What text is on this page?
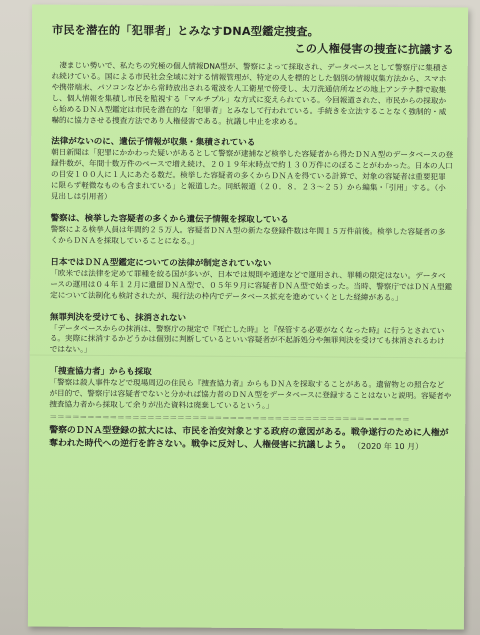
市民を潜在的「犯罪者」とみなすDNA型鑑定捜査。

この人権侵害の捜査に抗議する

凄まじい勢いで、私たちの究極の個人情報DNA型が、警察によって採取され、データベースとして警察庁に集積され続けている。国による市民社会全域に対する情報管理が、特定の人を標的とした個別の情報収集方法から、スマホや携帯端末、パソコンなどから常時放出される電波を人工衛星で傍受し、太刀洗通信所などの地上アンテナ群で取集し、個人情報を集積し市民を監視する「マルチプル」な方式に変えられている。今回報道された、市民からの採取から始めるＤＮＡ型鑑定は市民を潜在的な「犯罪者」とみなして行われている。手続きを立法することなく強制的・威嚇的に協力させる捜査方法であり人権侵害である。抗議し中止を求める。

法律がないのに、遺伝子情報が収集・集積されている

朝日新聞は「犯罪にかかわった疑いがあるとして警察が逮捕など検挙した容疑者から得たＤＮＡ型のデータベースの登録件数が、年間十数万件のペースで増え続け、２０１９年末時点で約１３０万件にのぼることがわかった。日本の人口の目安１００人に１人にあたる数だ。検挙した容疑者の多くからＤＮＡを得ている計算で、対象の容疑者は重要犯罪に限らず軽微なものも含まれている」と報道した。同紙報道（２０．８．２３～２５）から編集・「引用」する。（小見出しは引用者）

警察は、検挙した容疑者の多くから遺伝子情報を採取している

警察による検挙人員は年間約２５万人。容疑者ＤＮＡ型の新たな登録件数は年間１５万件前後。検挙した容疑者の多くからＤＮＡを採取していることになる。」

日本ではＤＮＡ型鑑定についての法律が制定されていない

「欧米では法律を定めて罪種を絞る国が多いが、日本では規則や通達などで運用され、罪種の限定はない。データベースの運用は０４年１２月に遺留ＤＮＡ型で、０５年９月に容疑者ＤＮＡ型で始まった。当時、警察庁ではＤＮＡ型鑑定について法制化も検討されたが、現行法の枠内でデータベース拡充を進めていくとした経緯がある。」

無罪判決を受けても、抹消されない

「データベースからの抹消は、警察庁の規定で『死亡した時』と『保管する必要がなくなった時』に行うとされている。実際に抹消するかどうかは個別に判断しているといい容疑者が不起訴処分や無罪判決を受けても抹消されるわけではない。」

「捜査協力者」からも採取

「警察は殺人事件などで現場周辺の住民ら『捜査協力者』からもＤＮＡを採取することがある。遺留物との照合などが目的で、警察庁は容疑者でないと分かれば協力者のＤＮＡ型をデータベースに登録することはないと説明。容疑者や捜査協力者から採取して余りが出た資料は廃棄しているという。」

＝＝＝＝＝＝＝＝＝＝＝＝＝＝＝＝＝＝＝＝＝＝＝＝＝＝＝＝＝＝＝＝＝＝＝＝＝＝＝＝＝＝＝＝＝＝＝＝

警察のＤＮＡ型登録の拡大には、市民を治安対象とする政府の意図がある。戦争遂行のために人権が奪われた時代への逆行を許さない。戦争に反対し、人権侵害に抗議しよう。 （2020 年 10 月）
